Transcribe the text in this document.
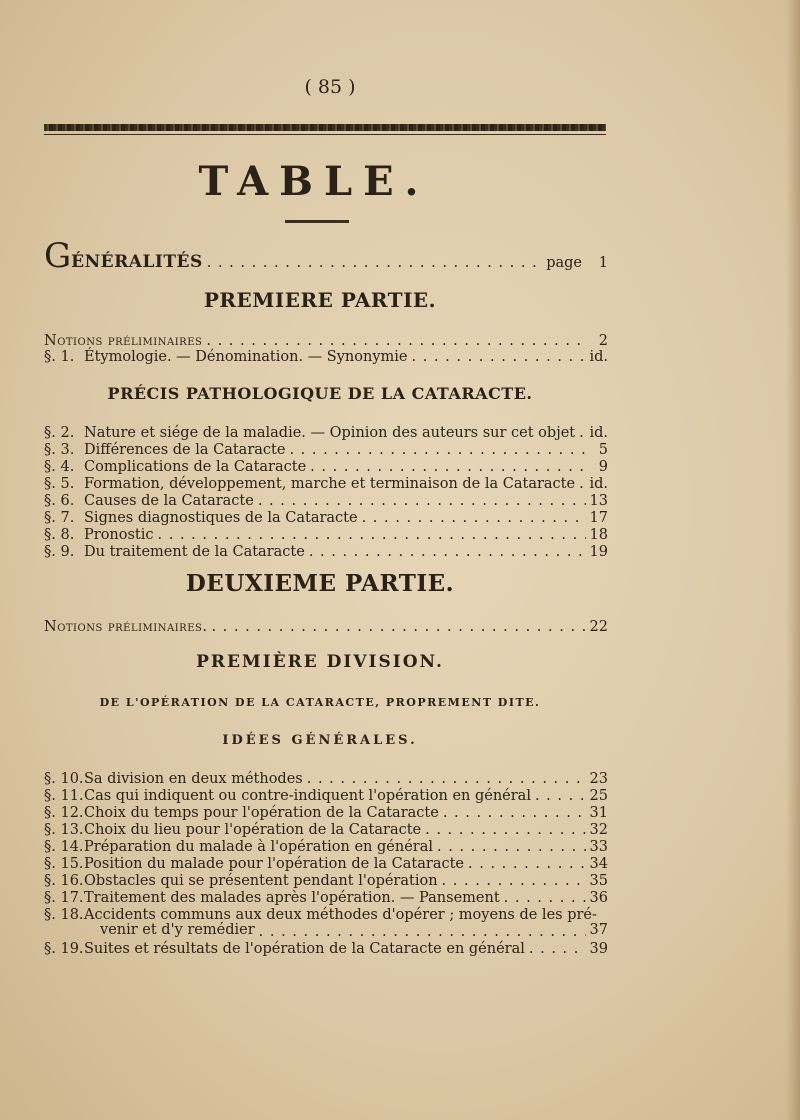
( 85 )
TABLE.
GÉNÉRALITÉS . . .	page	1
PREMIERE PARTIE.
Notions préliminaires . . .	2
§. 1. Étymologie. — Dénomination. — Synonymie . . .	id.
PRÉCIS PATHOLOGIQUE DE LA CATARACTE.
§. 2. Nature et siége de la maladie. — Opinion des auteurs sur cet objet . . . id.
§. 3. Différences de la Cataracte . . .	5
§. 4. Complications de la Cataracte . . .	9
§. 5. Formation, développement, marche et terminaison de la Cataracte . . . id.
§. 6. Causes de la Cataracte . . .	13
§. 7. Signes diagnostiques de la Cataracte . . .	17
§. 8. Pronostic . . .	18
§. 9. Du traitement de la Cataracte . . .	19
DEUXIEME PARTIE.
Notions préliminaires. . . .	22
PREMIÈRE DIVISION.
DE L'OPÉRATION DE LA CATARACTE, PROPREMENT DITE.
IDÉES GÉNÉRALES.
§. 10. Sa division en deux méthodes . . .	23
§. 11. Cas qui indiquent ou contre-indiquent l'opération en général . . .	25
§. 12. Choix du temps pour l'opération de la Cataracte . . .	31
§. 13. Choix du lieu pour l'opération de la Cataracte . . .	32
§. 14. Préparation du malade à l'opération en général . . .	33
§. 15. Position du malade pour l'opération de la Cataracte . . .	34
§. 16. Obstacles qui se présentent pendant l'opération . . .	35
§. 17. Traitement des malades après l'opération. — Pansement . . .	36
§. 18. Accidents communs aux deux méthodes d'opérer ; moyens de les pré-
venir et d'y remédier . . .	37
§. 19. Suites et résultats de l'opération de la Cataracte en général . . .	39
